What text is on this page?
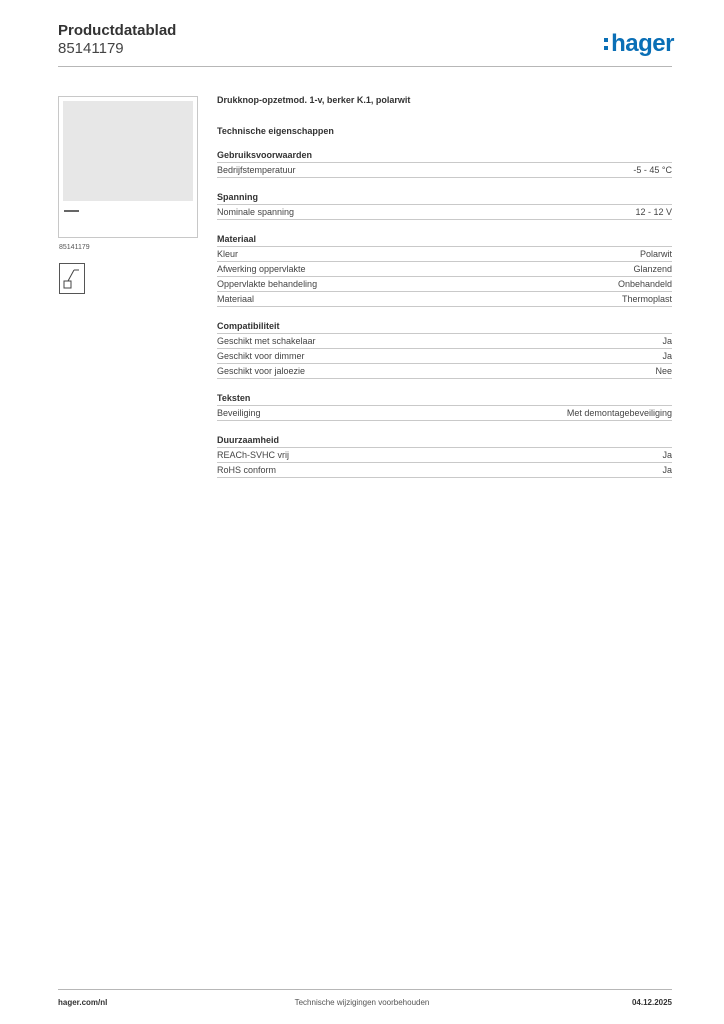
Productdatablad
85141179	hager
85141179
Drukknop-opzetmod. 1-v, berker K.1, polarwit
Technische eigenschappen
Gebruiksvoorwaarden
Bedrijfstemperatuur	-5 - 45 °C
Spanning
Nominale spanning	12 - 12 V
Materiaal
Kleur	Polarwit
Afwerking oppervlakte	Glanzend
Oppervlakte behandeling	Onbehandeld
Materiaal	Thermoplast
Compatibiliteit
Geschikt met schakelaar	Ja
Geschikt voor dimmer	Ja
Geschikt voor jaloezie	Nee
Teksten
Beveiliging	Met demontagebeveiliging
Duurzaamheid
REACh-SVHC vrij	Ja
RoHS conform	Ja
hager.com/nl	Technische wijzigingen voorbehouden	04.12.2025
